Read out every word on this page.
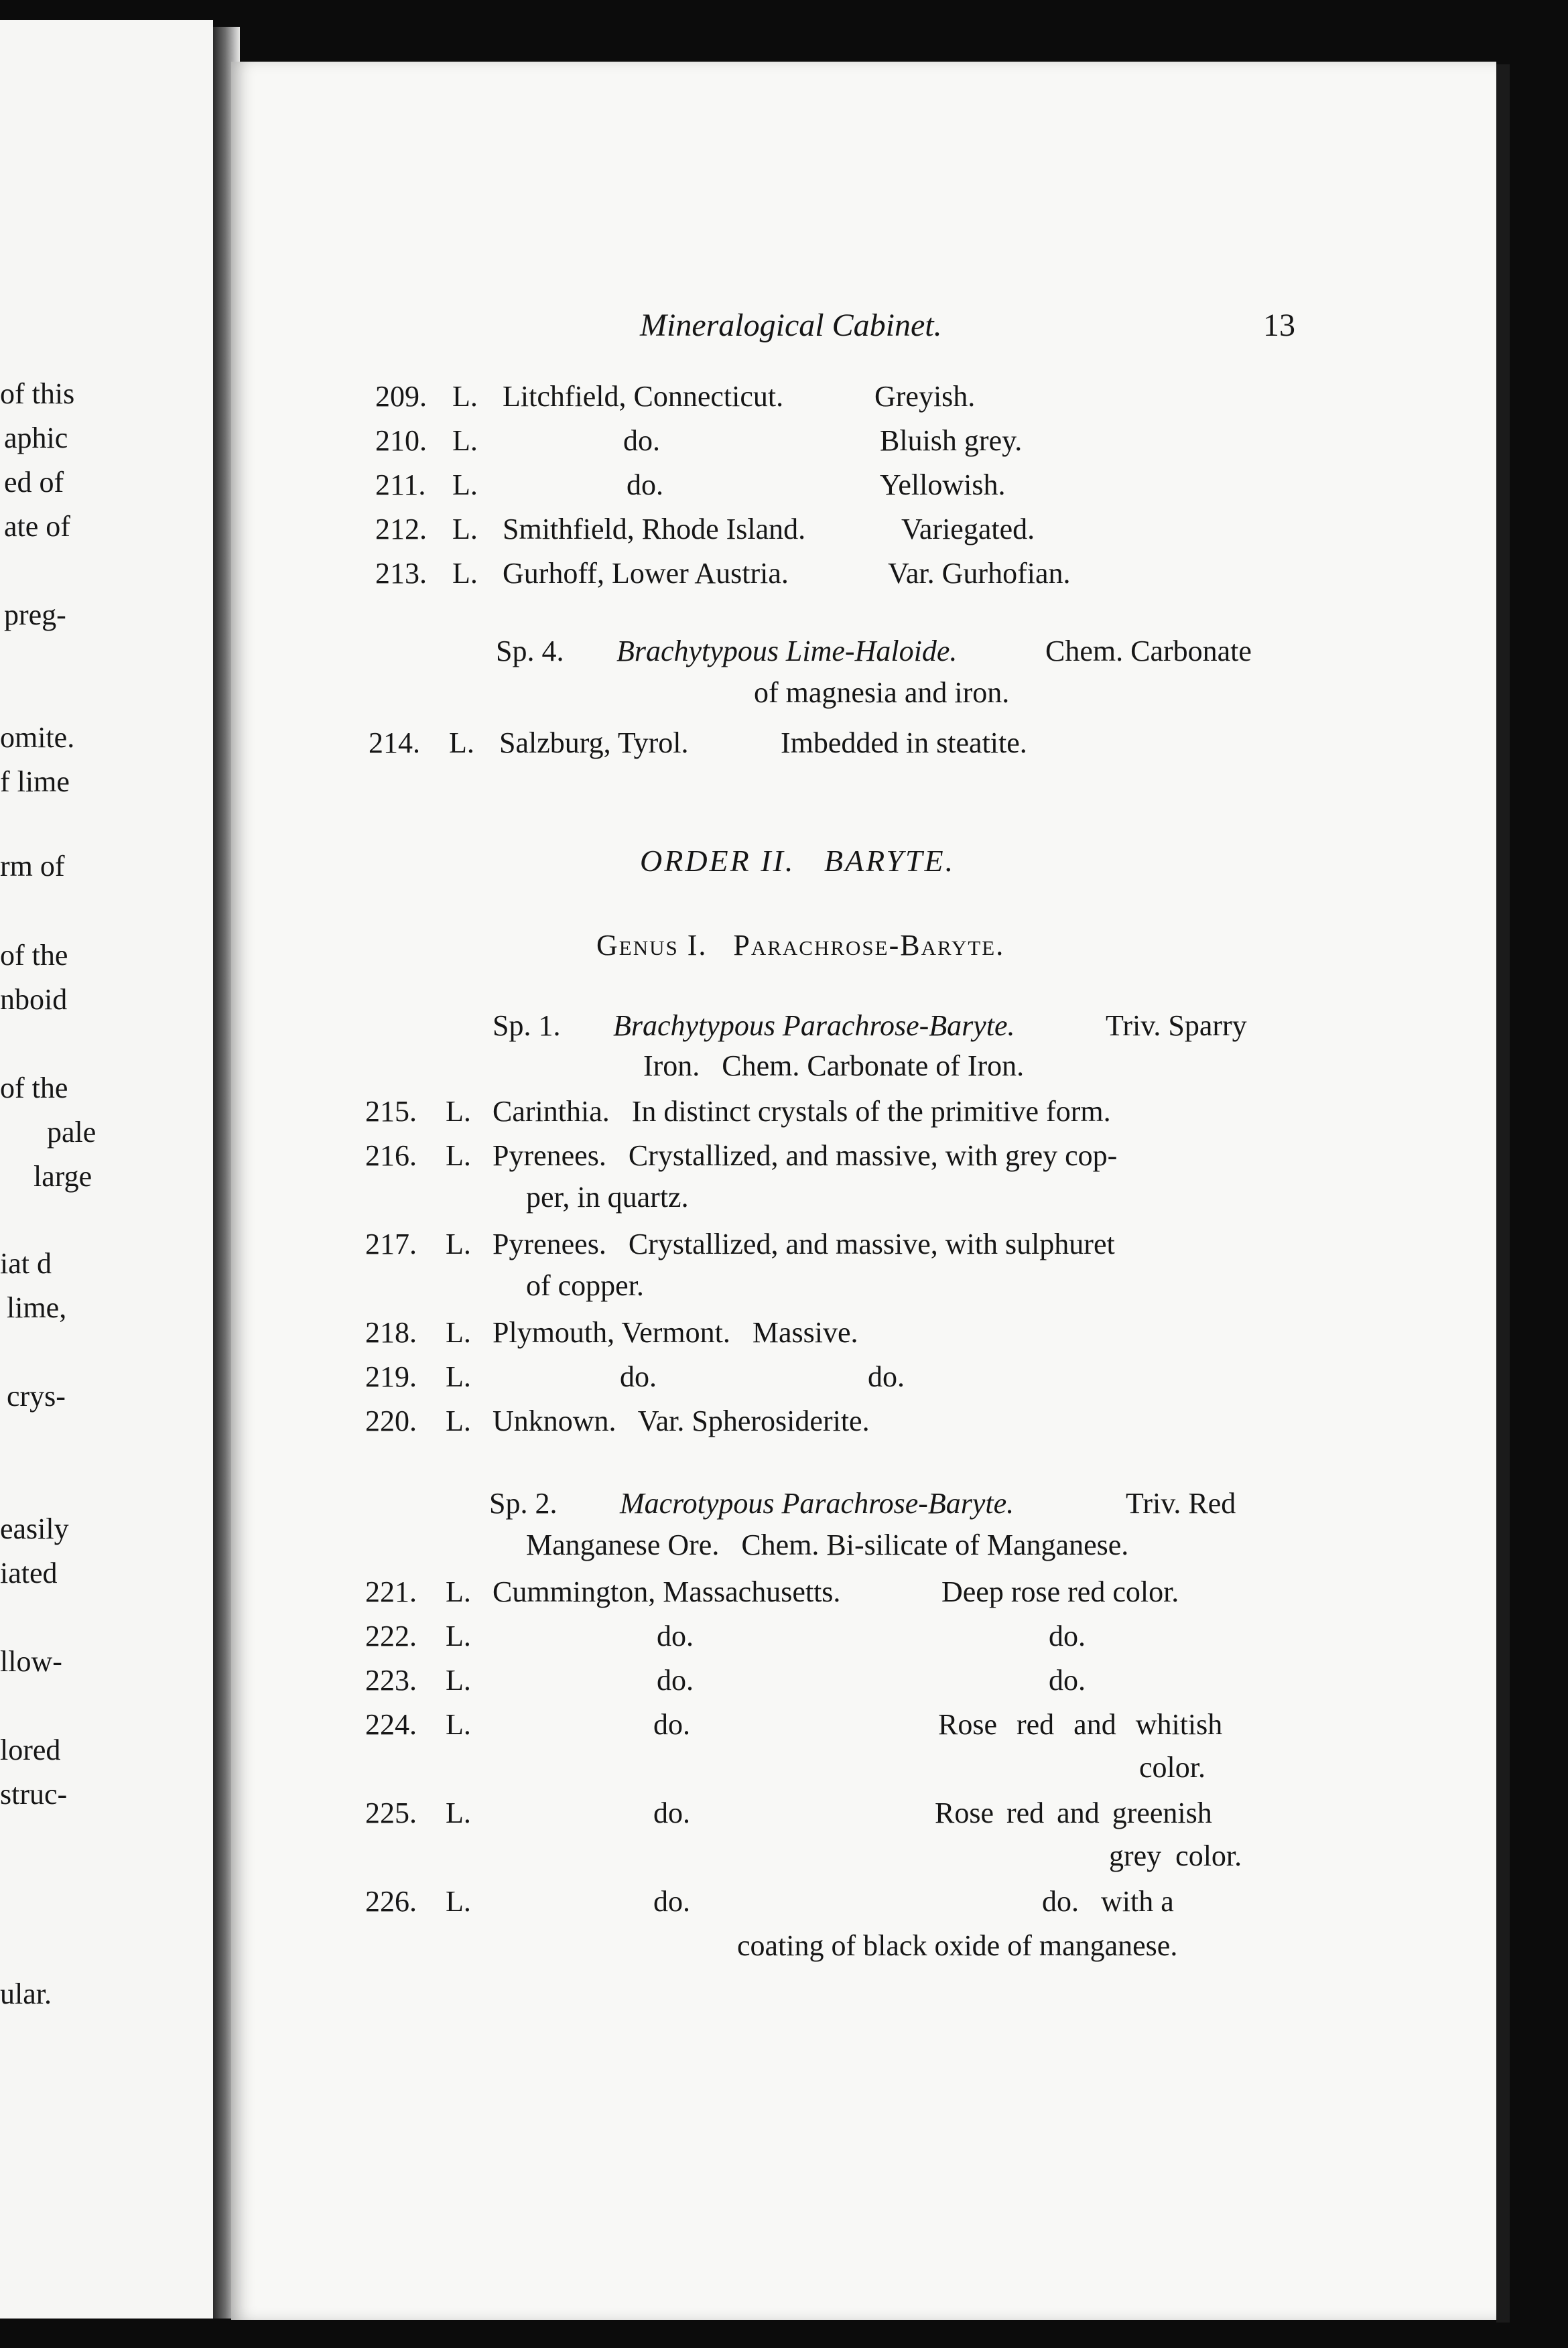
of this
aphic
ed of
ate of
preg-
omite.
f lime
rm of
of the
nboid
of the
pale
large
iat d
lime,
crys-
easily
iated
llow-
lored
struc-
ular.
Mineralogical Cabinet.	13
209. L. Litchfield, Connecticut.	Greyish.
210. L.	do.	Bluish grey.
211. L.	do.	Yellowish.
212. L. Smithfield, Rhode Island.	Variegated.
213. L. Gurhoff, Lower Austria.	Var. Gurhofian.
Sp. 4. Brachytypous Lime-Haloide.	Chem. Carbonate
of magnesia and iron.
214. L. Salzburg, Tyrol.	Imbedded in steatite.
ORDER II.   BARYTE.
Genus I.   Parachrose-Baryte.
Sp. 1. Brachytypous Parachrose-Baryte.	Triv. Sparry
Iron.   Chem. Carbonate of Iron.
215. L. Carinthia.   In distinct crystals of the primitive form.
216. L. Pyrenees.   Crystallized, and massive, with grey cop-
per, in quartz.
217. L. Pyrenees.   Crystallized, and massive, with sulphuret
of copper.
218. L. Plymouth, Vermont.   Massive.
219. L.	do.	do.
220. L. Unknown.   Var. Spherosiderite.
Sp. 2. Macrotypous Parachrose-Baryte.	Triv. Red
Manganese Ore.   Chem. Bi-silicate of Manganese.
221. L. Cummington, Massachusetts.	Deep rose red color.
222. L.	do.	do.
223. L.	do.	do.
224. L.	do.	Rose red and whitish
color.
225. L.	do.	Rose red and greenish
grey color.
226. L.	do.	do.   with a
coating of black oxide of manganese.
